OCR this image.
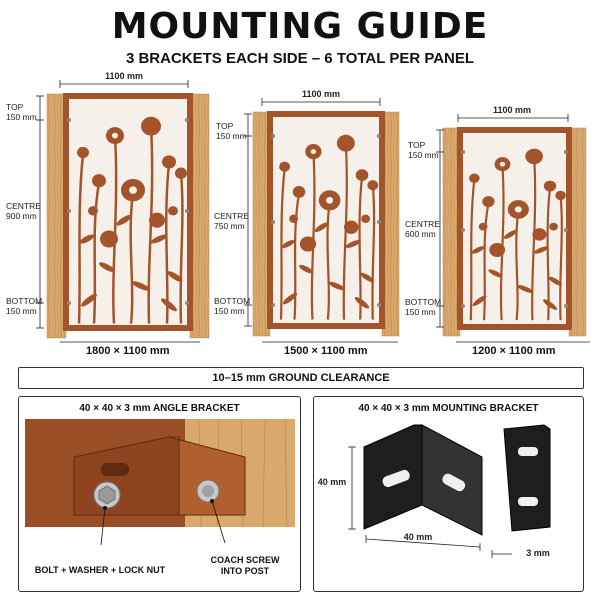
MOUNTING GUIDE
3 BRACKETS EACH SIDE – 6 TOTAL PER PANEL
1100 mm
TOP
150 mm
CENTRE
900 mm
BOTTOM
150 mm
1800 × 1100 mm
1100 mm
TOP
150 mm
CENTRE
750 mm
BOTTOM
150 mm
1500 × 1100 mm
1100 mm
TOP
150 mm
CENTRE
600 mm
BOTTOM
150 mm
1200 × 1100 mm
10–15 mm GROUND CLEARANCE
40 × 40 × 3 mm ANGLE BRACKET
BOLT + WASHER + LOCK NUT
COACH SCREW
INTO POST
40 × 40 × 3 mm MOUNTING BRACKET
40 mm
40 mm
3 mm
